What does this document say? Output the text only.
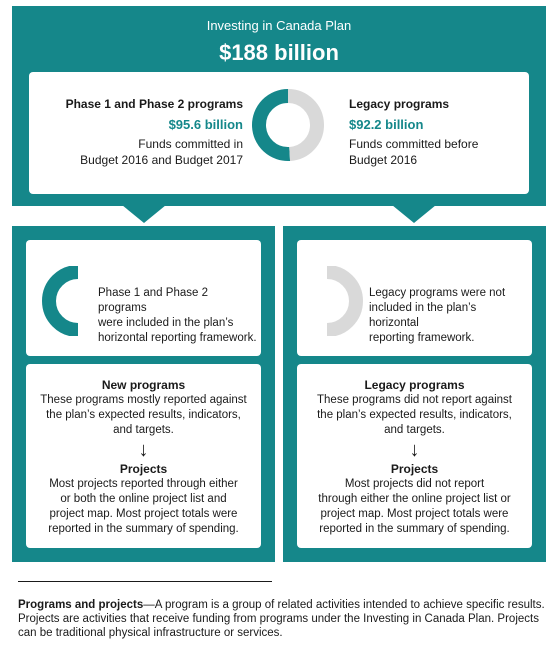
Investing in Canada Plan
$188 billion
Phase 1 and Phase 2 programs
$95.6 billion
Funds committed in
Budget 2016 and Budget 2017
Legacy programs
$92.2 billion
Funds committed before
Budget 2016
Phase 1 and Phase 2 programs
were included in the plan’s
horizontal reporting framework.
New programs
These programs mostly reported against
the plan’s expected results, indicators,
and targets.
↓
Projects
Most projects reported through either
or both the online project list and
project map. Most project totals were
reported in the summary of spending.
Legacy programs were not
included in the plan’s horizontal
reporting framework.
Legacy programs
These programs did not report against
the plan’s expected results, indicators,
and targets.
↓
Projects
Most projects did not report
through either the online project list or
project map. Most project totals were
reported in the summary of spending.
Programs and projects—A program is a group of related activities intended to achieve specific results.
Projects are activities that receive funding from programs under the Investing in Canada Plan. Projects
can be traditional physical infrastructure or services.
